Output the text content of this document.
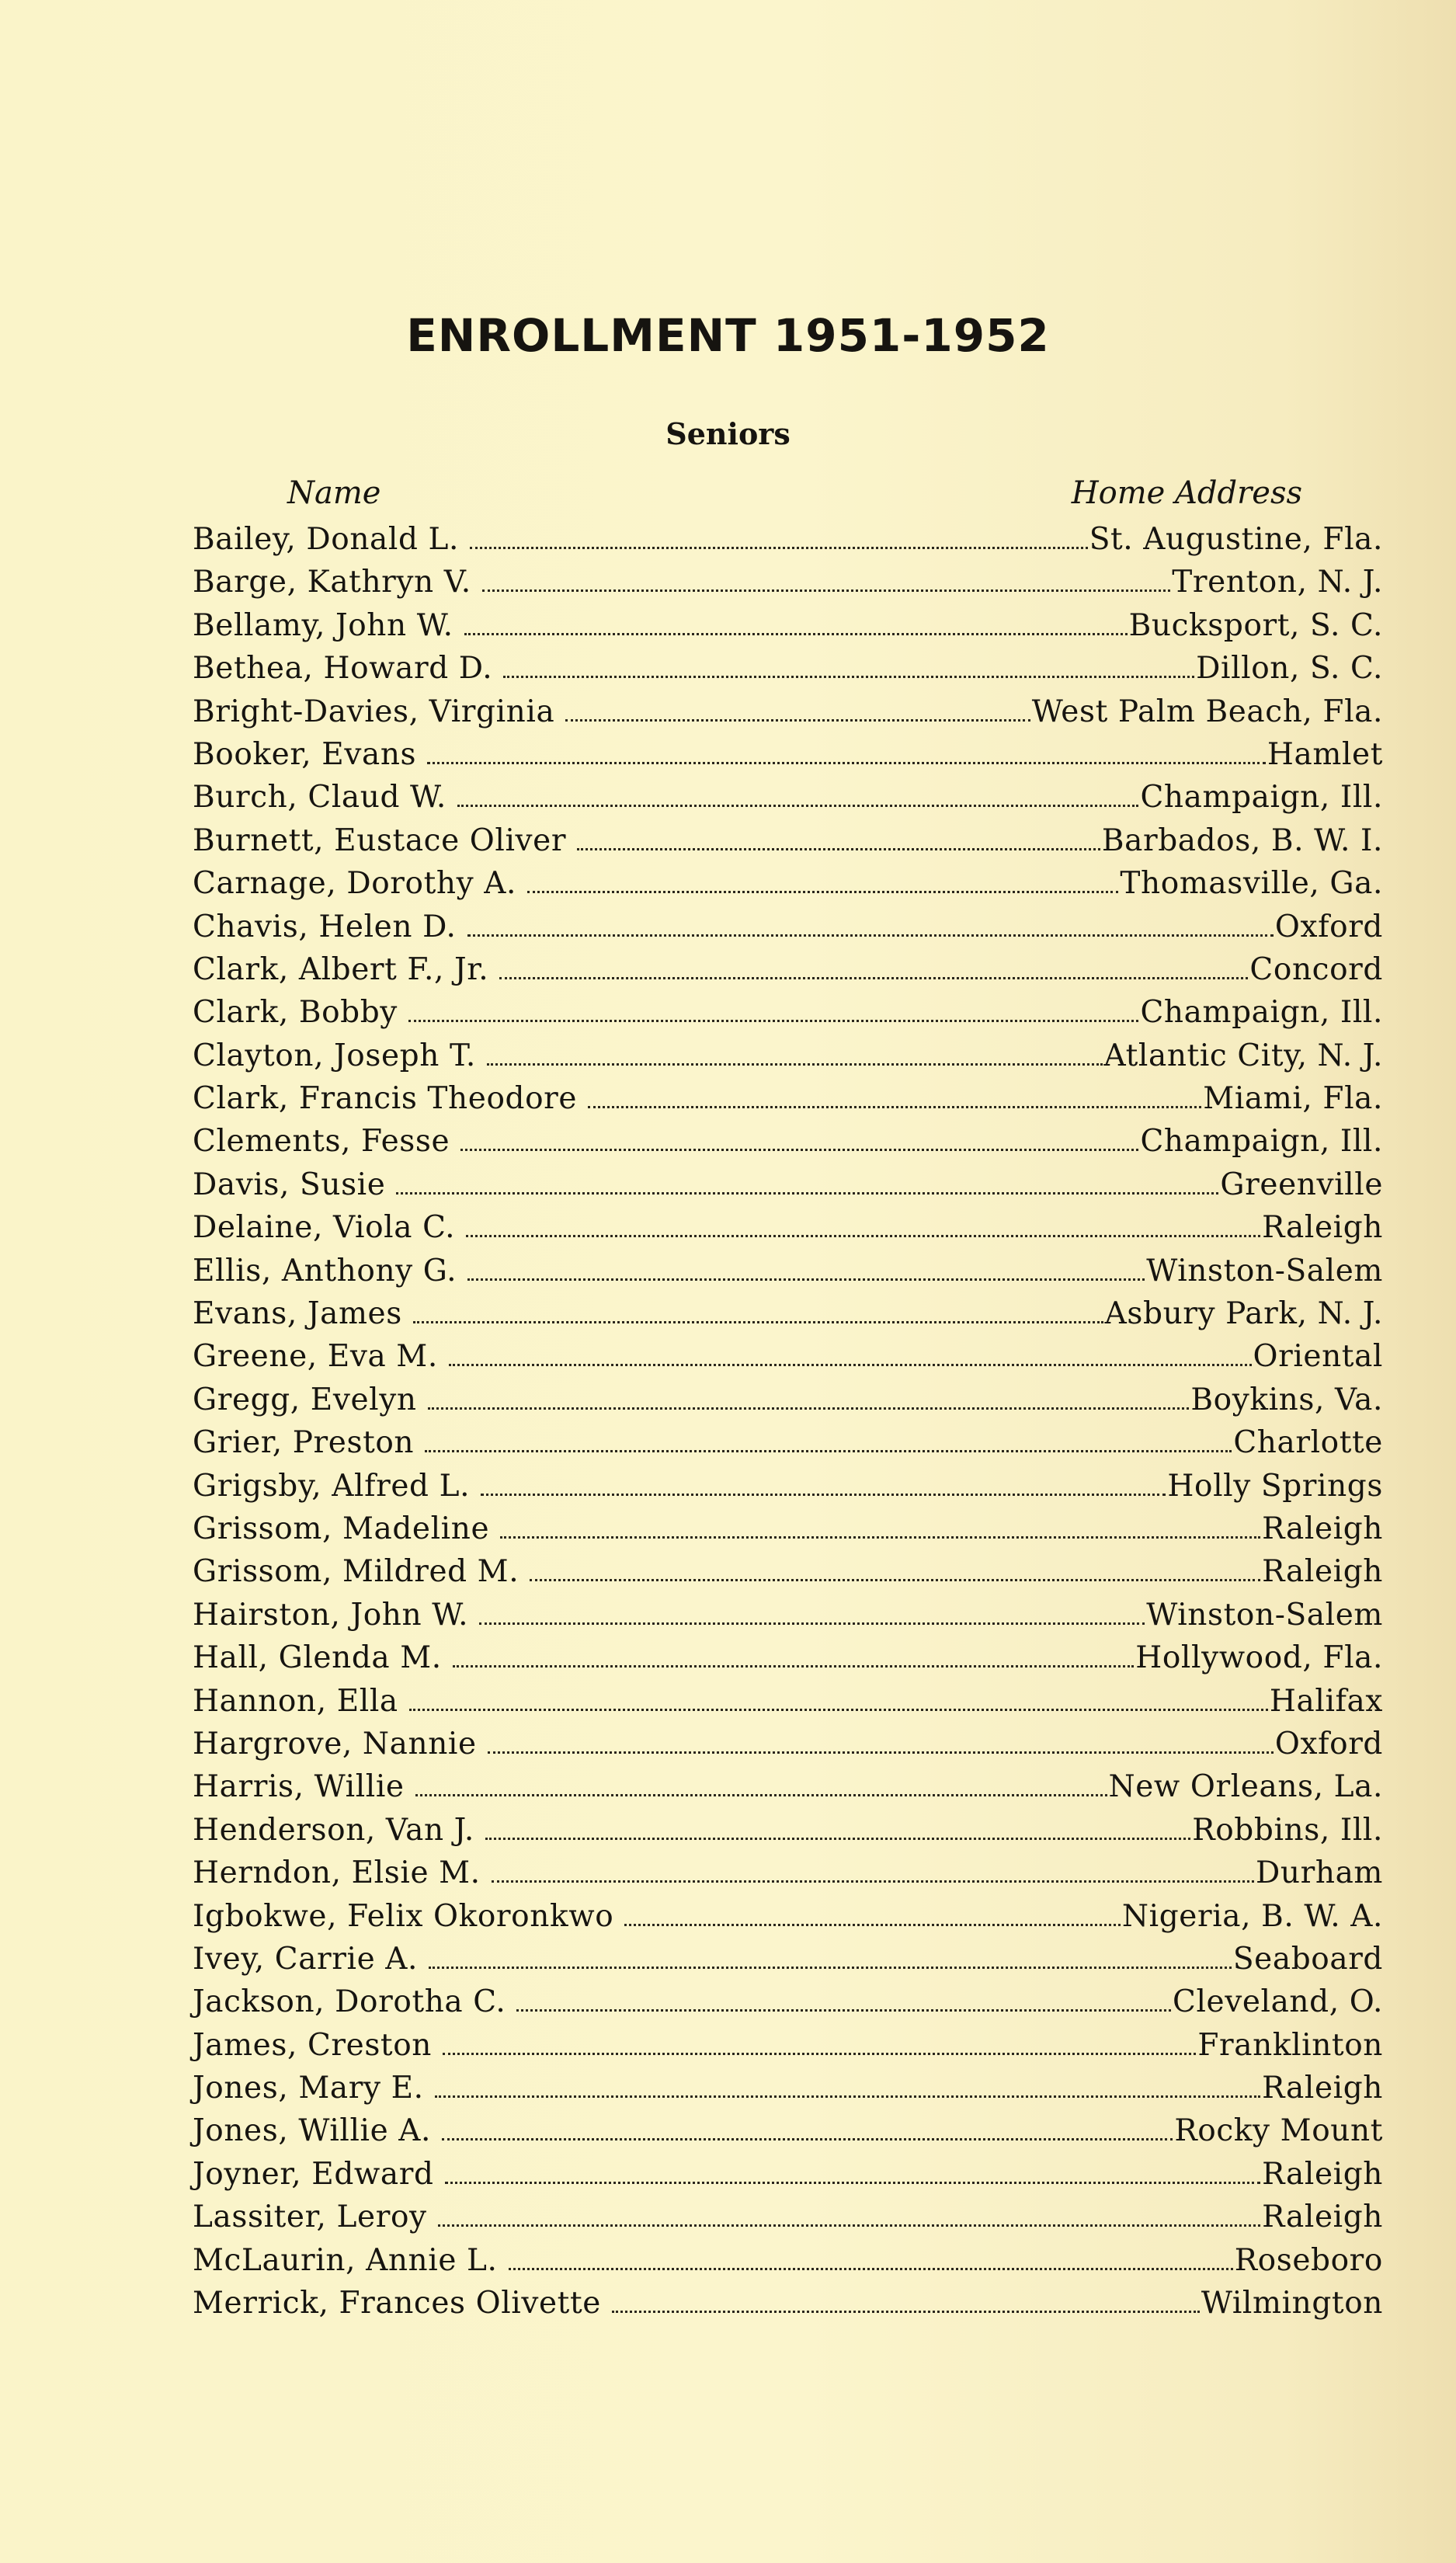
ENROLLMENT 1951-1952
Seniors
Name	Home Address
Bailey, Donald L.	St. Augustine, Fla.
Barge, Kathryn V.	Trenton, N. J.
Bellamy, John W.	Bucksport, S. C.
Bethea, Howard D.	Dillon, S. C.
Bright-Davies, Virginia	West Palm Beach, Fla.
Booker, Evans	Hamlet
Burch, Claud W.	Champaign, Ill.
Burnett, Eustace Oliver	Barbados, B. W. I.
Carnage, Dorothy A.	Thomasville, Ga.
Chavis, Helen D.	Oxford
Clark, Albert F., Jr.	Concord
Clark, Bobby	Champaign, Ill.
Clayton, Joseph T.	Atlantic City, N. J.
Clark, Francis Theodore	Miami, Fla.
Clements, Fesse	Champaign, Ill.
Davis, Susie	Greenville
Delaine, Viola C.	Raleigh
Ellis, Anthony G.	Winston-Salem
Evans, James	Asbury Park, N. J.
Greene, Eva M.	Oriental
Gregg, Evelyn	Boykins, Va.
Grier, Preston	Charlotte
Grigsby, Alfred L.	Holly Springs
Grissom, Madeline	Raleigh
Grissom, Mildred M.	Raleigh
Hairston, John W.	Winston-Salem
Hall, Glenda M.	Hollywood, Fla.
Hannon, Ella	Halifax
Hargrove, Nannie	Oxford
Harris, Willie	New Orleans, La.
Henderson, Van J.	Robbins, Ill.
Herndon, Elsie M.	Durham
Igbokwe, Felix Okoronkwo	Nigeria, B. W. A.
Ivey, Carrie A.	Seaboard
Jackson, Dorotha C.	Cleveland, O.
James, Creston	Franklinton
Jones, Mary E.	Raleigh
Jones, Willie A.	Rocky Mount
Joyner, Edward	Raleigh
Lassiter, Leroy	Raleigh
McLaurin, Annie L.	Roseboro
Merrick, Frances Olivette	Wilmington
